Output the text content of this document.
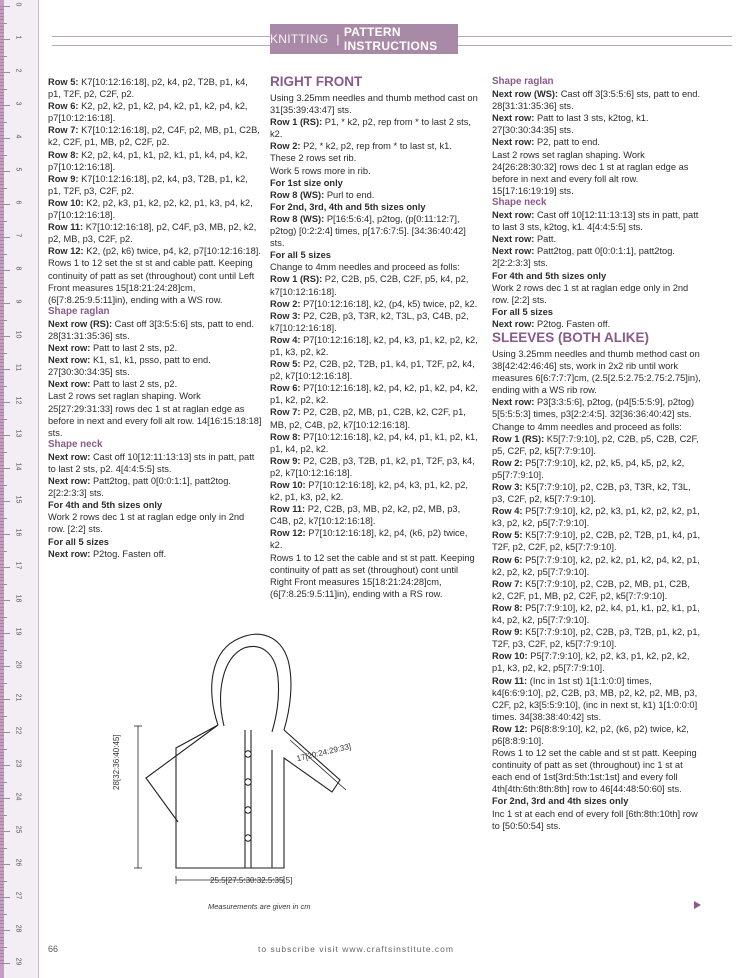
0
1
2
3
4
5
6
7
8
9
10
11
12
13
14
15
16
17
18
19
20
21
22
23
24
25
26
27
28
29
KNITTING | PATTERN INSTRUCTIONS

Row 5: K7[10:12:16:18], p2, k4, p2, T2B, p1, k4, p1, T2F, p2, C2F, p2.

Row 6: K2, p2, k2, p1, k2, p4, k2, p1, k2, p4, k2, p7[10:12:16:18].

Row 7: K7[10:12:16:18], p2, C4F, p2, MB, p1, C2B, k2, C2F, p1, MB, p2, C2F, p2.

Row 8: K2, p2, k4, p1, k1, p2, k1, p1, k4, p4, k2, p7[10:12:16:18].

Row 9: K7[10:12:16:18], p2, k4, p3, T2B, p1, k2, p1, T2F, p3, C2F, p2.

Row 10: K2, p2, k3, p1, k2, p2, k2, p1, k3, p4, k2, p7[10:12:16:18].

Row 11: K7[10:12:16:18], p2, C4F, p3, MB, p2, k2, p2, MB, p3, C2F, p2.

Row 12: K2, (p2, k6) twice, p4, k2, p7[10:12:16:18].

Rows 1 to 12 set the st st and cable patt. Keeping continuity of patt as set (throughout) cont until Left Front measures 15[18:21:24:28]cm, (6[7:8.25:9.5:11]in), ending with a WS row.

Shape raglan

Next row (RS): Cast off 3[3:5:5:6] sts, patt to end. 28[31:31:35:36] sts.

Next row: Patt to last 2 sts, p2.

Next row: K1, s1, k1, psso, patt to end. 27[30:30:34:35] sts.

Next row: Patt to last 2 sts, p2.

Last 2 rows set raglan shaping. Work 25[27:29:31:33] rows dec 1 st at raglan edge as before in next and every foll alt row. 14[16:15:18:18] sts.

Shape neck

Next row: Cast off 10[12:11:13:13] sts in patt, patt to last 2 sts, p2. 4[4:4:5:5] sts.

Next row: Patt2tog, patt 0[0:0:1:1], patt2tog. 2[2:2:3:3] sts.

For 4th and 5th sizes only

Work 2 rows dec 1 st at raglan edge only in 2nd row. [2:2] sts.

For all 5 sizes

Next row: P2tog. Fasten off.

RIGHT FRONT

Using 3.25mm needles and thumb method cast on 31[35:39:43:47] sts.

Row 1 (RS): P1, * k2, p2, rep from * to last 2 sts, k2.

Row 2: P2, * k2, p2, rep from * to last st, k1.

These 2 rows set rib.

Work 5 rows more in rib.

For 1st size only

Row 8 (WS): Purl to end.

For 2nd, 3rd, 4th and 5th sizes only

Row 8 (WS): P[16:5:6:4], p2tog, (p[0:11:12:7], p2tog) [0:2:2:4] times, p[17:6:7:5]. [34:36:40:42] sts.

For all 5 sizes

Change to 4mm needles and proceed as folls:

Row 1 (RS): P2, C2B, p5, C2B, C2F, p5, k4, p2, k7[10:12:16:18].

Row 2: P7[10:12:16:18], k2, (p4, k5) twice, p2, k2.

Row 3: P2, C2B, p3, T3R, k2, T3L, p3, C4B, p2, k7[10:12:16:18].

Row 4: P7[10:12:16:18], k2, p4, k3, p1, k2, p2, k2, p1, k3, p2, k2.

Row 5: P2, C2B, p2, T2B, p1, k4, p1, T2F, p2, k4, p2, k7[10:12:16:18].

Row 6: P7[10:12:16:18], k2, p4, k2, p1, k2, p4, k2, p1, k2, p2, k2.

Row 7: P2, C2B, p2, MB, p1, C2B, k2, C2F, p1, MB, p2, C4B, p2, k7[10:12:16:18].

Row 8: P7[10:12:16:18], k2, p4, k4, p1, k1, p2, k1, p1, k4, p2, k2.

Row 9: P2, C2B, p3, T2B, p1, k2, p1, T2F, p3, k4, p2, k7[10:12:16:18].

Row 10: P7[10:12:16:18], k2, p4, k3, p1, k2, p2, k2, p1, k3, p2, k2.

Row 11: P2, C2B, p3, MB, p2, k2, p2, MB, p3, C4B, p2, k7[10:12:16:18].

Row 12: P7[10:12:16:18], k2, p4, (k6, p2) twice, k2.

Rows 1 to 12 set the cable and st st patt. Keeping continuity of patt as set (throughout) cont until Right Front measures 15[18:21:24:28]cm, (6[7:8.25:9.5:11]in), ending with a RS row.

Shape raglan

Next row (WS): Cast off 3[3:5:5:6] sts, patt to end. 28[31:31:35:36] sts.

Next row: Patt to last 3 sts, k2tog, k1. 27[30:30:34:35] sts.

Next row: P2, patt to end.

Last 2 rows set raglan shaping. Work 24[26:28:30:32] rows dec 1 st at raglan edge as before in next and every foll alt row. 15[17:16:19:19] sts.

Shape neck

Next row: Cast off 10[12:11:13:13] sts in patt, patt to last 3 sts, k2tog, k1. 4[4:4:5:5] sts.

Next row: Patt.

Next row: Patt2tog, patt 0[0:0:1:1], patt2tog. 2[2:2:3:3] sts.

For 4th and 5th sizes only

Work 2 rows dec 1 st at raglan edge only in 2nd row. [2:2] sts.

For all 5 sizes

Next row: P2tog. Fasten off.

SLEEVES (BOTH ALIKE)

Using 3.25mm needles and thumb method cast on 38[42:42:46:46] sts, work in 2x2 rib until work measures 6[6:7:7:7]cm, (2.5[2.5:2.75:2.75:2.75]in), ending with a WS rib row.

Next row: P3[3:3:5:6], p2tog, (p4[5:5:5:9], p2tog) 5[5:5:5:3] times, p3[2:2:4:5]. 32[36:36:40:42] sts.

Change to 4mm needles and proceed as folls:

Row 1 (RS): K5[7:7:9:10], p2, C2B, p5, C2B, C2F, p5, C2F, p2, k5[7:7:9:10].

Row 2: P5[7:7:9:10], k2, p2, k5, p4, k5, p2, k2, p5[7:7:9:10].

Row 3: K5[7:7:9:10], p2, C2B, p3, T3R, k2, T3L, p3, C2F, p2, k5[7:7:9:10].

Row 4: P5[7:7:9:10], k2, p2, k3, p1, k2, p2, k2, p1, k3, p2, k2, p5[7:7:9:10].

Row 5: K5[7:7:9:10], p2, C2B, p2, T2B, p1, k4, p1, T2F, p2, C2F, p2, k5[7:7:9:10].

Row 6: P5[7:7:9:10], k2, p2, k2, p1, k2, p4, k2, p1, k2, p2, k2, p5[7:7:9:10].

Row 7: K5[7:7:9:10], p2, C2B, p2, MB, p1, C2B, k2, C2F, p1, MB, p2, C2F, p2, k5[7:7:9:10].

Row 8: P5[7:7:9:10], k2, p2, k4, p1, k1, p2, k1, p1, k4, p2, k2, p5[7:7:9:10].

Row 9: K5[7:7:9:10], p2, C2B, p3, T2B, p1, k2, p1, T2F, p3, C2F, p2, k5[7:7:9:10].

Row 10: P5[7:7:9:10], k2, p2, k3, p1, k2, p2, k2, p1, k3, p2, k2, p5[7:7:9:10].

Row 11: (Inc in 1st st) 1[1:1:0:0] times, k4[6:6:9:10], p2, C2B, p3, MB, p2, k2, p2, MB, p3, C2F, p2, k3[5:5:9:10], (inc in next st, k1) 1[1:0:0:0] times. 34[38:38:40:42] sts.

Row 12: P6[8:8:9:10], k2, p2, (k6, p2) twice, k2, p6[8:8:9:10].

Rows 1 to 12 set the cable and st st patt. Keeping continuity of patt as set (throughout) inc 1 st at each end of 1st[3rd:5th:1st:1st] and every foll 4th[4th:6th:8th:8th] row to 46[44:48:50:60] sts.

For 2nd, 3rd and 4th sizes only

Inc 1 st at each end of every foll [6th:8th:10th] row to [50:50:54] sts.

28[32:36:40:45]	17[20:24:29:33]
25.5[27.5:30:32.5:35.5]
Measurements are given in cm
66	to subscribe visit www.craftsinstitute.com
